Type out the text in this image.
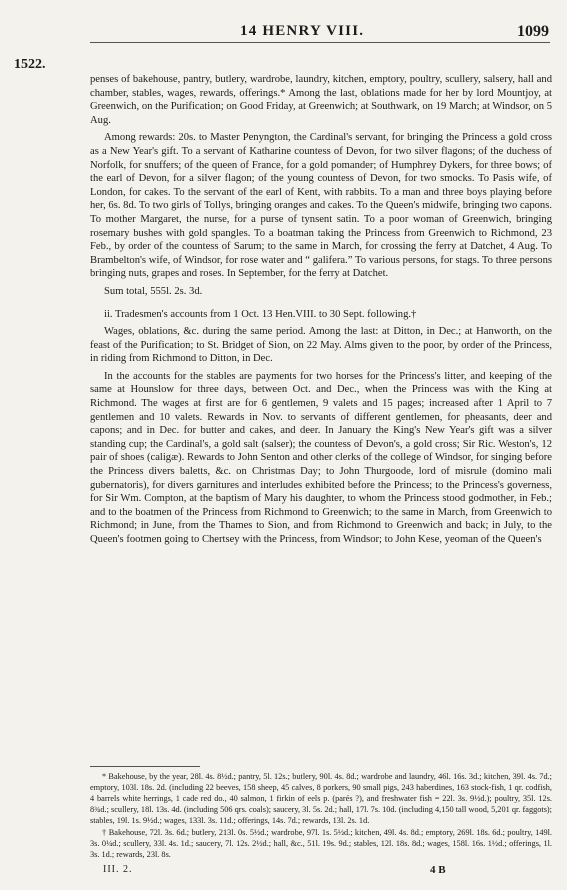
14 HENRY VIII.	1099
1522.

penses of bakehouse, pantry, butlery, wardrobe, laundry, kitchen, emptory, poultry, scullery, salsery, hall and chamber, stables, wages, rewards, offerings.* Among the last, oblations made for her by lord Mountjoy, at Greenwich, on the Purification; on Good Friday, at Greenwich; at Southwark, on 19 March; at Windsor, on 5 Aug.

Among rewards: 20s. to Master Penyngton, the Cardinal's servant, for bringing the Princess a gold cross as a New Year's gift. To a servant of Katharine countess of Devon, for two silver flagons; of the duchess of Norfolk, for snuffers; of the queen of France, for a gold pomander; of Humphrey Dykers, for three bows; of the earl of Devon, for a silver flagon; of the young countess of Devon, for two smocks. To Pasis wife, of London, for cakes. To the servant of the earl of Kent, with rabbits. To a man and three boys playing before her, 6s. 8d. To two girls of Tollys, bringing oranges and cakes. To the Queen's midwife, bringing two capons. To mother Margaret, the nurse, for a purse of tynsent satin. To a poor woman of Greenwich, bringing rosemary bushes with gold spangles. To a boatman taking the Princess from Greenwich to Richmond, 23 Feb., by order of the countess of Sarum; to the same in March, for crossing the ferry at Datchet, 4 Aug. To Brambelton's wife, of Windsor, for rose water and “ galifera.” To various persons, for stags. To three persons bringing nuts, grapes and roses. In September, for the ferry at Datchet.

Sum total, 555l. 2s. 3d.

ii. Tradesmen's accounts from 1 Oct. 13 Hen.VIII. to 30 Sept. following.†

Wages, oblations, &c. during the same period. Among the last: at Ditton, in Dec.; at Hanworth, on the feast of the Purification; to St. Bridget of Sion, on 22 May. Alms given to the poor, by order of the Princess, in riding from Richmond to Ditton, in Dec.

In the accounts for the stables are payments for two horses for the Princess's litter, and keeping of the same at Hounslow for three days, between Oct. and Dec., when the Princess was with the King at Richmond. The wages at first are for 6 gentlemen, 9 valets and 15 pages; increased after 1 April to 7 gentlemen and 10 valets. Rewards in Nov. to servants of different gentlemen, for pheasants, deer and capons; and in Dec. for butter and cakes, and deer. In January the King's New Year's gift was a silver standing cup; the Cardinal's, a gold salt (salser); the countess of Devon's, a gold cross; Sir Ric. Weston's, 12 pair of shoes (caligæ). Rewards to John Senton and other clerks of the college of Windsor, for singing before the Princess divers baletts, &c. on Christmas Day; to John Thurgoode, lord of misrule (domino mali gubernatoris), for divers garnitures and interludes exhibited before the Princess; to the Princess's governess, for Sir Wm. Compton, at the baptism of Mary his daughter, to whom the Princess stood godmother, in Feb.; and to the boatmen of the Princess from Richmond to Greenwich; to the same in March, from Greenwich to Richmond; in June, from the Thames to Sion, and from Richmond to Greenwich and back; in July, to the Queen's footmen going to Chertsey with the Princess, from Windsor; to John Kese, yeoman of the Queen's

* Bakehouse, by the year, 28l. 4s. 8½d.; pantry, 5l. 12s.; butlery, 90l. 4s. 8d.; wardrobe and laundry, 46l. 16s. 3d.; kitchen, 39l. 4s. 7d.; emptory, 103l. 18s. 2d. (including 22 beeves, 158 sheep, 45 calves, 8 porkers, 90 small pigs, 243 haberdines, 163 stock-fish, 1 qr. codfish, 4 barrels white herrings, 1 cade red do., 40 salmon, 1 firkin of eels p. (parés ?), and freshwater fish = 22l. 3s. 9½d.); poultry, 35l. 12s. 8¾d.; scullery, 18l. 13s. 4d. (including 506 qrs. coals); saucery, 3l. 5s. 2d.; hall, 17l. 7s. 10d. (including 4,150 tall wood, 5,201 qr. faggots); stables, 19l. 1s. 9½d.; wages, 133l. 3s. 11d.; offerings, 14s. 7d.; rewards, 13l. 2s. 1d.

† Bakehouse, 72l. 3s. 6d.; butlery, 213l. 0s. 5½d.; wardrobe, 97l. 1s. 5½d.; kitchen, 49l. 4s. 8d.; emptory, 269l. 18s. 6d.; poultry, 149l. 3s. 0¼d.; scullery, 33l. 4s. 1d.; saucery, 7l. 12s. 2½d.; hall, &c., 51l. 19s. 9d.; stables, 12l. 18s. 8d.; wages, 158l. 16s. 1½d.; offerings, 1l. 3s. 1d.; rewards, 23l. 8s.

III. 2.	4 B
